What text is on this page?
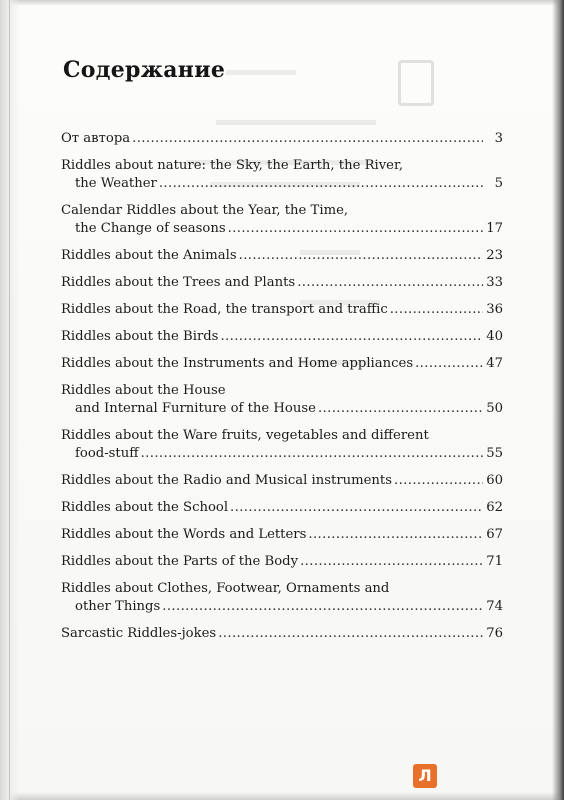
Содержание
От автора . . .	3
Riddles about nature: the Sky, the Earth, the River,
the Weather . . .	5
Calendar Riddles about the Year, the Time,
the Change of seasons . . .	17
Riddles about the Animals . . .	23
Riddles about the Trees and Plants . . .	33
Riddles about the Road, the transport and traffic . . .	36
Riddles about the Birds . . .	40
Riddles about the Instruments and Home appliances . . .	47
Riddles about the House
and Internal Furniture of the House . . .	50
Riddles about the Ware fruits, vegetables and different
food-stuff . . .	55
Riddles about the Radio and Musical instruments . . .	60
Riddles about the School . . .	62
Riddles about the Words and Letters . . .	67
Riddles about the Parts of the Body . . .	71
Riddles about Clothes, Footwear, Ornaments and
other Things . . .	74
Sarcastic Riddles-jokes . . .	76
Л
